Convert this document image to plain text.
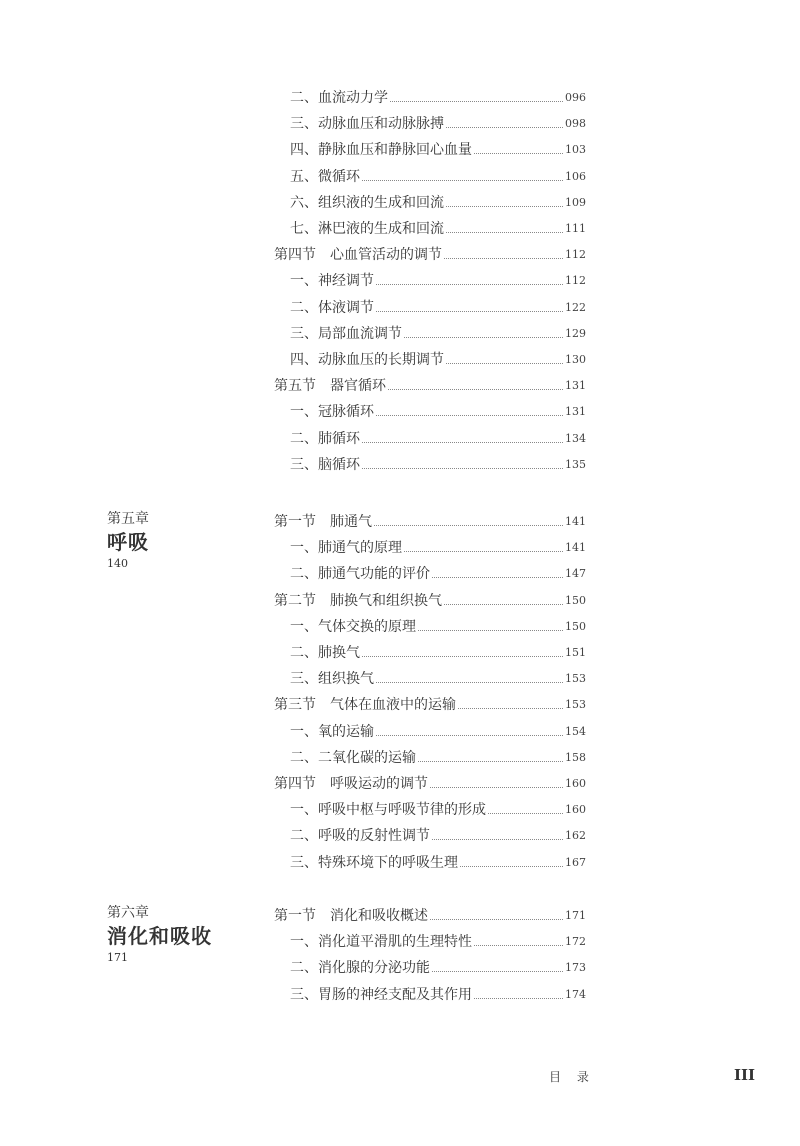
二、血流动力学	096
三、动脉血压和动脉脉搏	098
四、静脉血压和静脉回心血量	103
五、微循环	106
六、组织液的生成和回流	109
七、淋巴液的生成和回流	111
第四节　心血管活动的调节	112
一、神经调节	112
二、体液调节	122
三、局部血流调节	129
四、动脉血压的长期调节	130
第五节　器官循环	131
一、冠脉循环	131
二、肺循环	134
三、脑循环	135
第五章
呼吸
140
第一节　肺通气	141
一、肺通气的原理	141
二、肺通气功能的评价	147
第二节　肺换气和组织换气	150
一、气体交换的原理	150
二、肺换气	151
三、组织换气	153
第三节　气体在血液中的运输	153
一、氧的运输	154
二、二氧化碳的运输	158
第四节　呼吸运动的调节	160
一、呼吸中枢与呼吸节律的形成	160
二、呼吸的反射性调节	162
三、特殊环境下的呼吸生理	167
第六章
消化和吸收
171
第一节　消化和吸收概述	171
一、消化道平滑肌的生理特性	172
二、消化腺的分泌功能	173
三、胃肠的神经支配及其作用	174
目 录	III
